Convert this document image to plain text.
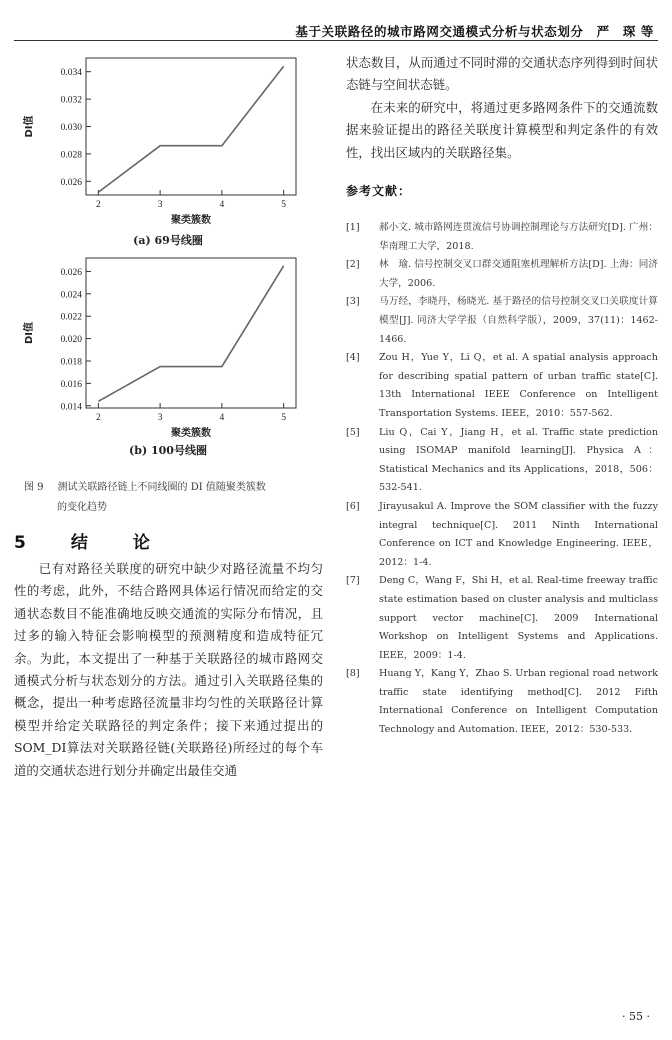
基于关联路径的城市路网交通模式分析与状态划分　严　琛 等
0.026
0.028
0.030
0.032
0.034
2	3	4	5
聚类簇数
DI值
(a) 69号线圈
0.014
0.016
0.018
0.020
0.022
0.024
0.026
2	3	4	5
聚类簇数
DI值
(b) 100号线圈
图 9 测试关联路径链上不同线圈的 DI 值随聚类簇数
的变化趋势
5　结　论

已有对路径关联度的研究中缺少对路径流量不均匀性的考虑，此外，不结合路网具体运行情况而给定的交通状态数目不能准确地反映交通流的实际分布情况，且过多的输入特征会影响模型的预测精度和造成特征冗余。为此，本文提出了一种基于关联路径的城市路网交通模式分析与状态划分的方法。通过引入关联路径集的概念，提出一种考虑路径流量非均匀性的关联路径计算模型并给定关联路径的判定条件；接下来通过提出的SOM_DI算法对关联路径链(关联路径)所经过的每个车道的交通状态进行划分并确定出最佳交通

状态数目，从而通过不同时滞的交通状态序列得到时间状态链与空间状态链。

在未来的研究中，将通过更多路网条件下的交通流数据来验证提出的路径关联度计算模型和判定条件的有效性，找出区域内的关联路径集。

参考文献：
[1]	郝小文. 城市路网连贯流信号协调控制理论与方法研究[D]. 广州：华南理工大学，2018.
[2]	林　瑜. 信号控制交叉口群交通阻塞机理解析方法[D]. 上海：同济大学，2006.
[3]	马万经，李晓丹，杨晓光. 基于路径的信号控制交叉口关联度计算模型[J]. 同济大学学报（自然科学版），2009，37(11)：1462-1466.
[4]	Zou H，Yue Y，Li Q，et al. A spatial analysis approach for describing spatial pattern of urban traffic state[C]. 13th International IEEE Conference on Intelligent Transportation Systems. IEEE，2010：557-562.
[5]	Liu Q，Cai Y，Jiang H，et al. Traffic state prediction using ISOMAP manifold learning[J]. Physica A：Statistical Mechanics and its Applications，2018，506：532-541.
[6]	Jirayusakul A. Improve the SOM classifier with the fuzzy integral technique[C]. 2011 Ninth International Conference on ICT and Knowledge Engineering. IEEE，2012：1-4.
[7]	Deng C，Wang F，Shi H，et al. Real-time freeway traffic state estimation based on cluster analysis and multiclass support vector machine[C]. 2009 International Workshop on Intelligent Systems and Applications. IEEE，2009：1-4.
[8]	Huang Y，Kang Y，Zhao S. Urban regional road network traffic state identifying method[C]. 2012 Fifth International Conference on Intelligent Computation Technology and Automation. IEEE，2012：530-533.
· 55 ·
